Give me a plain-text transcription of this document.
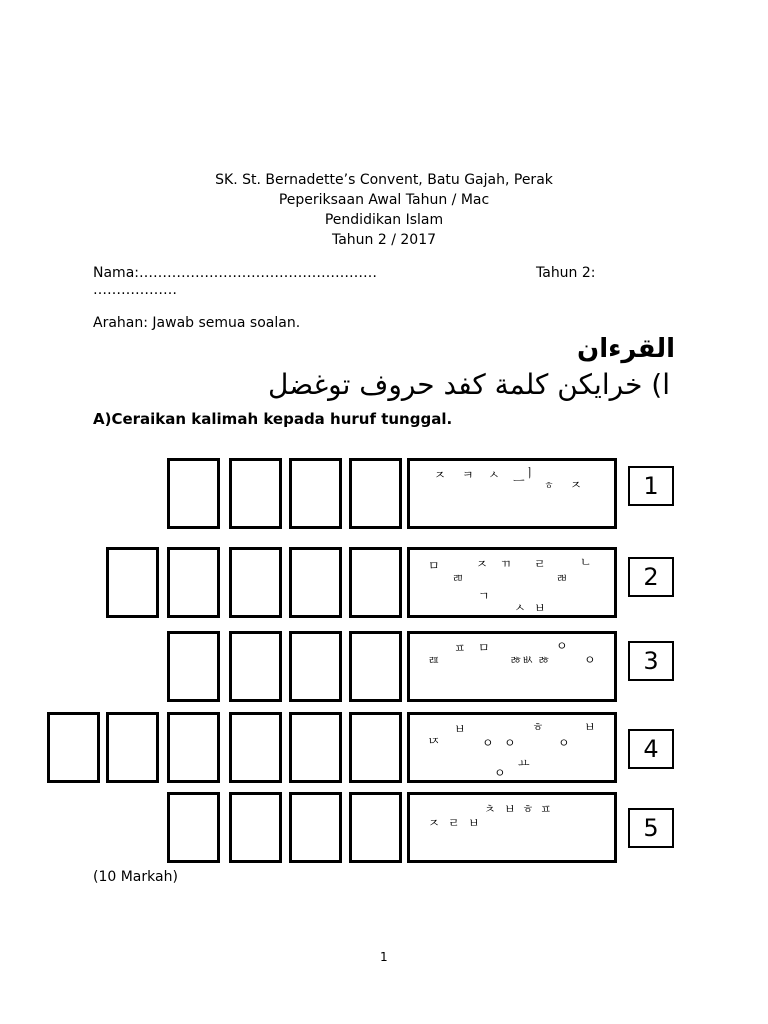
SK. St. Bernadette’s Convent, Batu Gajah, Perak
Peperiksaan Awal Tahun / Mac
Pendidikan Islam
Tahun 2 / 2017
Nama:……………………………………………	Tahun 2:
………………
Arahan: Jawab semua soalan.
القرءان
ا) خرايكن كلمة كفد حروف توغضل
A)Ceraikan kalimah kepada huruf tunggal.
ㅈ ㅋ ㅅ ㅡ
ㅣ
ㅎ ㅈ	1
ㅁ	ㅈ ㄲ ㄹ	ㄴ
ㄻ	ㄼ
ㄱ
ㅅ ㅂ
2
ㄿ
ㅍ ㅁ	ㅇ
ㅀ ㅄ ㅀ	ㅇ	3
ㄵ
ㅂ	ㅎ	ㅂ
ㅇ ㅇ	ㅇ
ㅛ
ㅇ
4
ㅈ ㄹ ㅂ
ㅊ ㅂ ㅎ ㅍ
5
(10 Markah)
1
